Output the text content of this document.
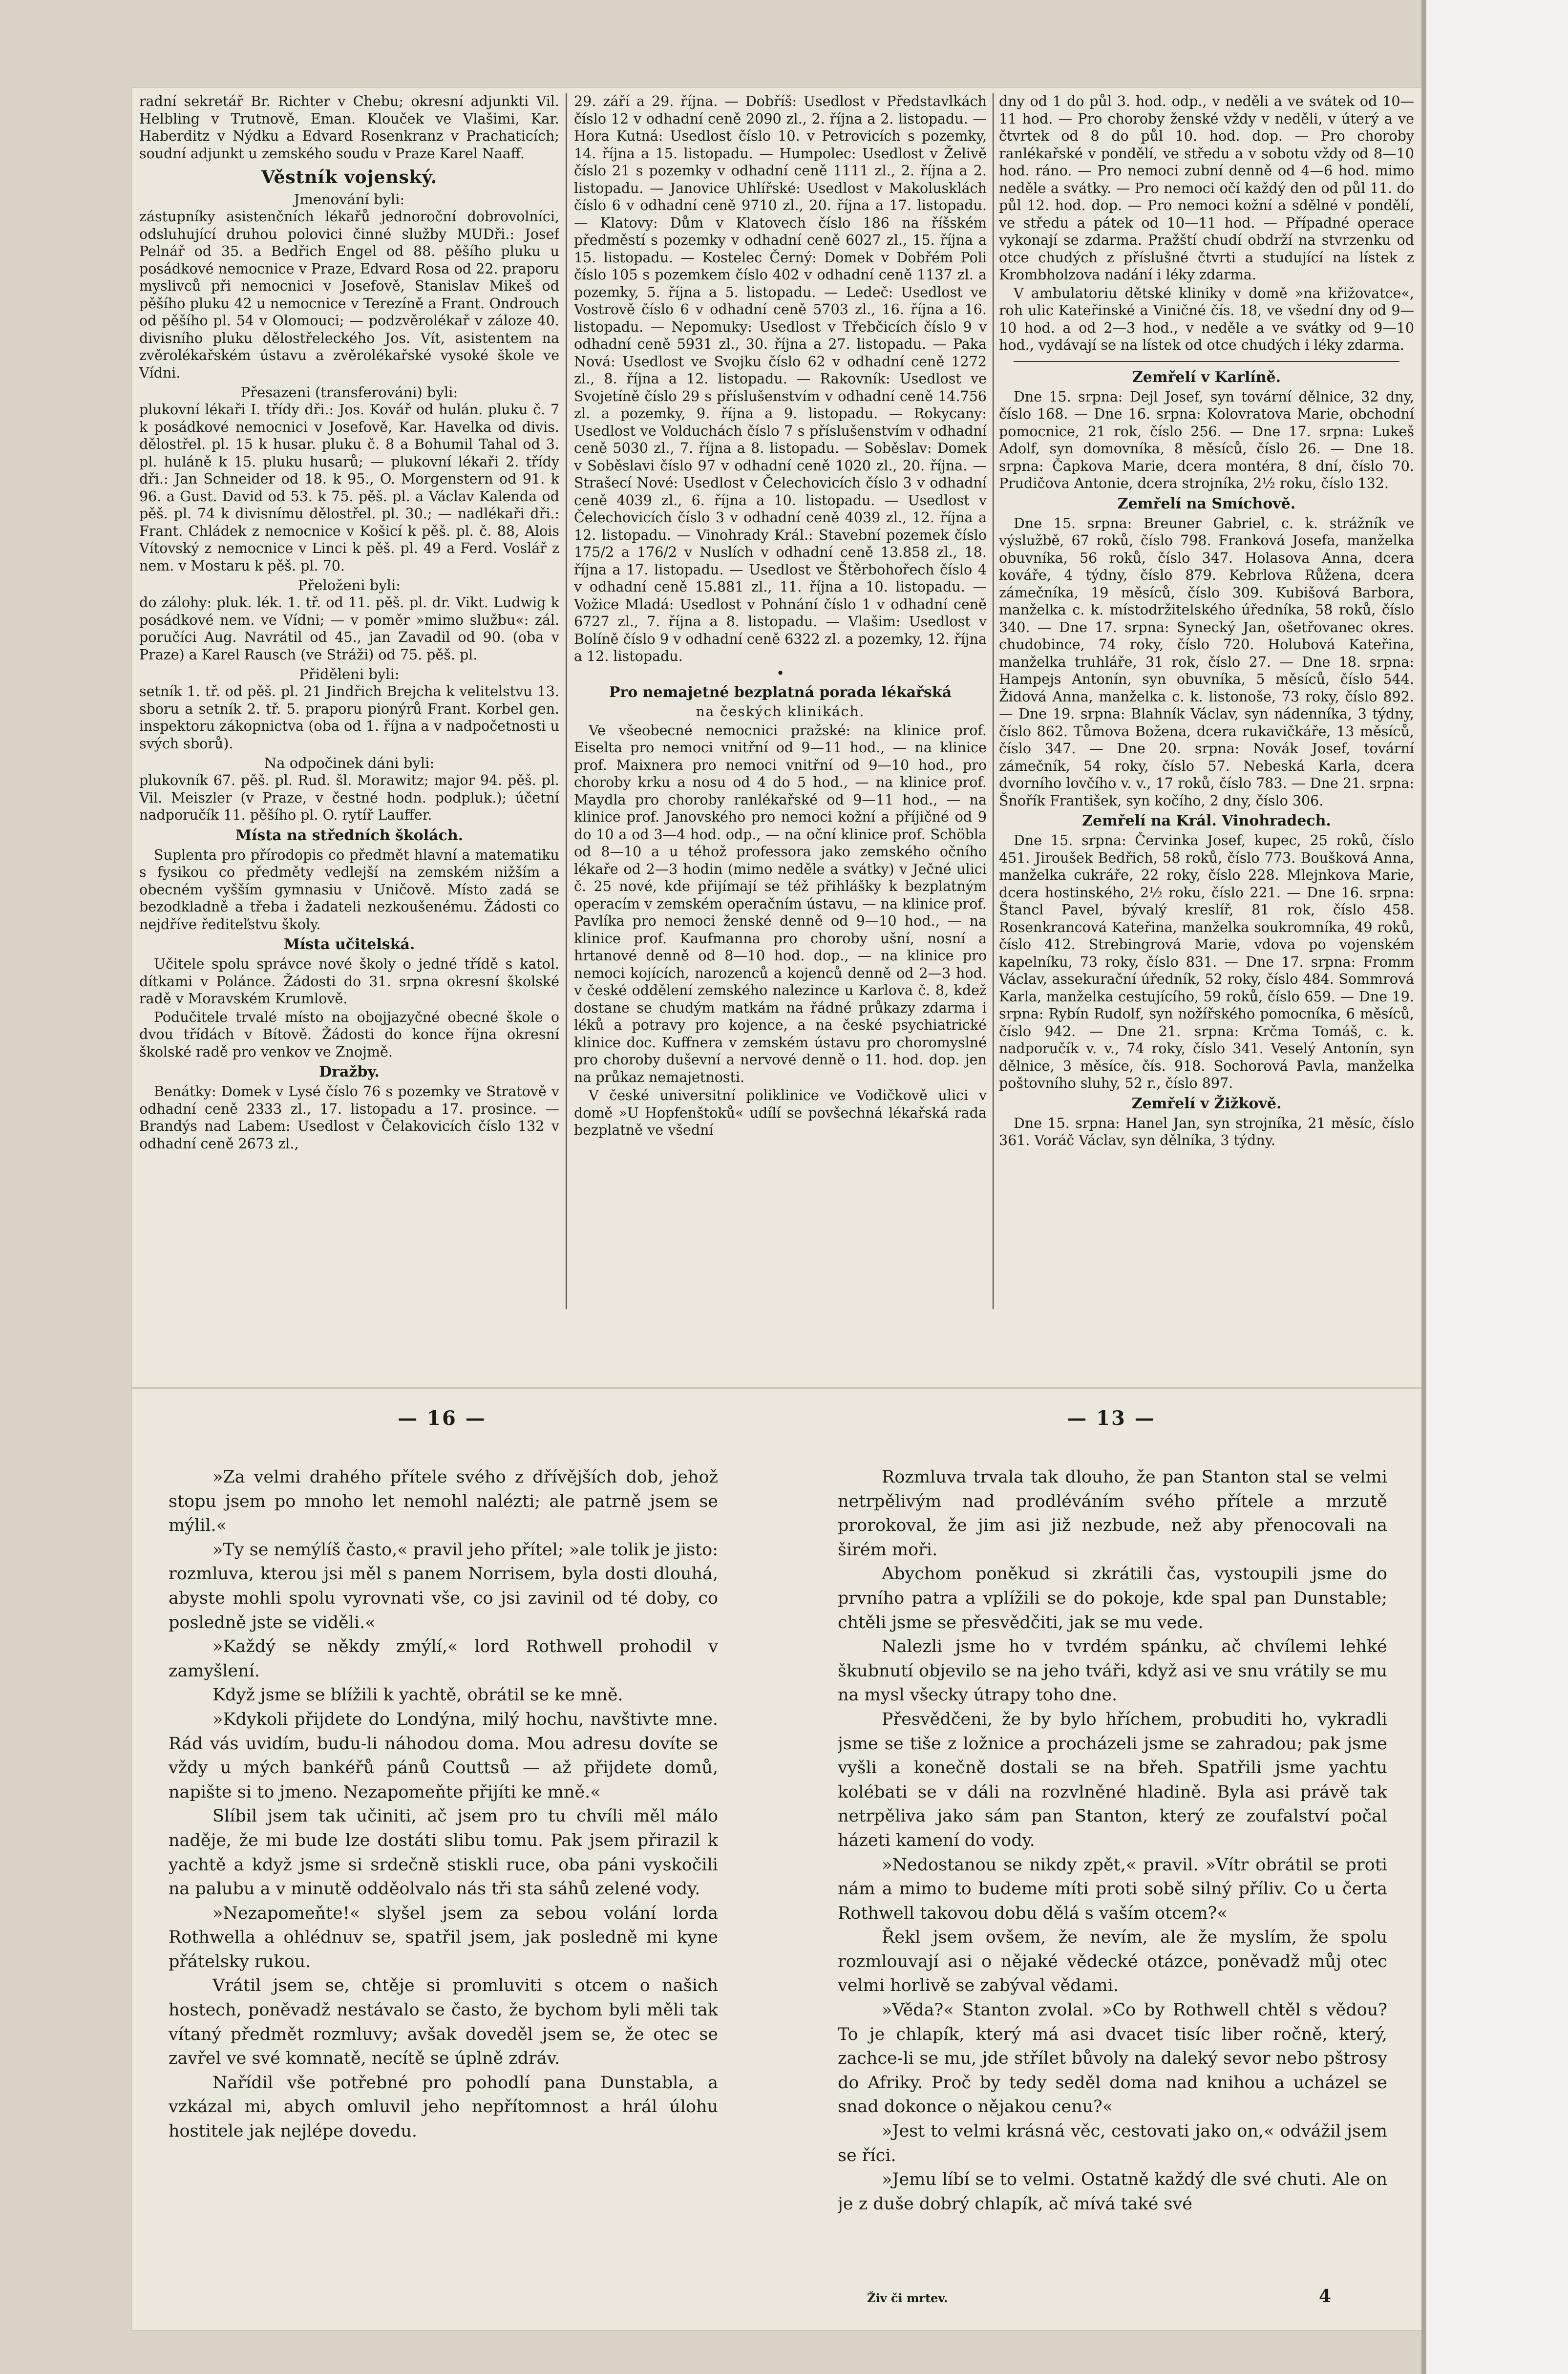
radní sekretář Br. Richter v Chebu; okresní adjunkti Vil. Helbling v Trutnově, Eman. Klouček ve Vlašimi, Kar. Haberditz v Nýdku a Edvard Rosenkranz v Prachaticích; soudní adjunkt u zemského soudu v Praze Karel Naaff.

Věstník vojenský.

Jmenování byli:

zástupníky asistenčních lékařů jednoroční dobrovolníci, odsluhující druhou polovici činné služby MUDři.: Josef Pelnář od 35. a Bedřich Engel od 88. pěšího pluku u posádkové nemocnice v Praze, Edvard Rosa od 22. praporu myslivců při nemocnici v Josefově, Stanislav Mikeš od pěšího pluku 42 u nemocnice v Terezíně a Frant. Ondrouch od pěšího pl. 54 v Olomouci; — podzvěrolékař v záloze 40. divisního pluku dělostřeleckého Jos. Vít, asistentem na zvěrolékařském ústavu a zvěrolékařské vysoké škole ve Vídni.

Přesazeni (transferováni) byli:

plukovní lékaři I. třídy dři.: Jos. Kovář od hulán. pluku č. 7 k posádkové nemocnici v Josefově, Kar. Havelka od divis. dělostřel. pl. 15 k husar. pluku č. 8 a Bohumil Tahal od 3. pl. huláně k 15. pluku husarů; — plukovní lékaři 2. třídy dři.: Jan Schneider od 18. k 95., O. Morgenstern od 91. k 96. a Gust. David od 53. k 75. pěš. pl. a Václav Kalenda od pěš. pl. 74 k divisnímu dělostřel. pl. 30.; — nadlékaři dři.: Frant. Chládek z nemocnice v Košicí k pěš. pl. č. 88, Alois Vítovský z nemocnice v Linci k pěš. pl. 49 a Ferd. Voslář z nem. v Mostaru k pěš. pl. 70.

Přeloženi byli:

do zálohy: pluk. lék. 1. tř. od 11. pěš. pl. dr. Vikt. Ludwig k posádkové nem. ve Vídni; — v poměr »mimo službu«: zál. poručíci Aug. Navrátil od 45., jan Zavadil od 90. (oba v Praze) a Karel Rausch (ve Stráži) od 75. pěš. pl.

Přiděleni byli:

setník 1. tř. od pěš. pl. 21 Jindřich Brejcha k velitelstvu 13. sboru a setník 2. tř. 5. praporu pionýrů Frant. Korbel gen. inspektoru zákopnictva (oba od 1. října a v nadpočetnosti u svých sborů).

Na odpočinek dáni byli:

plukovník 67. pěš. pl. Rud. šl. Morawitz; major 94. pěš. pl. Vil. Meiszler (v Praze, v čestné hodn. podpluk.); účetní nadporučík 11. pěšího pl. O. rytíř Lauffer.

Místa na středních školách.

Suplenta pro přírodopis co předmět hlavní a matematiku s fysikou co předměty vedlejší na zemském nižším a obecném vyšším gymnasiu v Uničově. Místo zadá se bezodkladně a třeba i žadateli nezkoušenému. Žádosti co nejdříve řediteľstvu školy.

Místa učitelská.

Učitele spolu správce nové školy o jedné třídě s katol. dítkami v Polánce. Žádosti do 31. srpna okresní školské radě v Moravském Krumlově.

Podučitele trvalé místo na obojjazyčné obecné škole o dvou třídách v Bítově. Žádosti do konce října okresní školské radě pro venkov ve Znojmě.

Dražby.

Benátky: Domek v Lysé číslo 76 s pozemky ve Stratově v odhadní ceně 2333 zl., 17. listopadu a 17. prosince. — Brandýs nad Labem: Usedlost v Čelakovicích číslo 132 v odhadní ceně 2673 zl.,

29. září a 29. října. — Dobříš: Usedlost v Představlkách číslo 12 v odhadní ceně 2090 zl., 2. října a 2. listopadu. — Hora Kutná: Usedlost číslo 10. v Petrovicích s pozemky, 14. října a 15. listopadu. — Humpolec: Usedlost v Želivě číslo 21 s pozemky v odhadní ceně 1111 zl., 2. října a 2. listopadu. — Janovice Uhlířské: Usedlost v Makolusklách číslo 6 v odhadní ceně 9710 zl., 20. října a 17. listopadu. — Klatovy: Dům v Klatovech číslo 186 na říšském předměstí s pozemky v odhadní ceně 6027 zl., 15. října a 15. listopadu. — Kostelec Černý: Domek v Dobřém Poli číslo 105 s pozemkem číslo 402 v odhadní ceně 1137 zl. a pozemky, 5. října a 5. listopadu. — Ledeč: Usedlost ve Vostrově číslo 6 v odhadní ceně 5703 zl., 16. října a 16. listopadu. — Nepomuky: Usedlost v Třebčicích číslo 9 v odhadní ceně 5931 zl., 30. října a 27. listopadu. — Paka Nová: Usedlost ve Svojku číslo 62 v odhadní ceně 1272 zl., 8. října a 12. listopadu. — Rakovník: Usedlost ve Svojetíně číslo 29 s příslušenstvím v odhadní ceně 14.756 zl. a pozemky, 9. října a 9. listopadu. — Rokycany: Usedlost ve Volduchách číslo 7 s příslušenstvím v odhadní ceně 5030 zl., 7. října a 8. listopadu. — Soběslav: Domek v Soběslavi číslo 97 v odhadní ceně 1020 zl., 20. října. — Strašecí Nové: Usedlost v Čelechovicích číslo 3 v odhadní ceně 4039 zl., 6. října a 10. listopadu. — Usedlost v Čelechovicích číslo 3 v odhadní ceně 4039 zl., 12. října a 12. listopadu. — Vinohrady Král.: Stavební pozemek číslo 175/2 a 176/2 v Nuslích v odhadní ceně 13.858 zl., 18. října a 17. listopadu. — Usedlost ve Štěrbohořech číslo 4 v odhadní ceně 15.881 zl., 11. října a 10. listopadu. — Vožice Mladá: Usedlost v Pohnání číslo 1 v odhadní ceně 6727 zl., 7. října a 8. listopadu. — Vlašim: Usedlost v Bolíně číslo 9 v odhadní ceně 6322 zl. a pozemky, 12. října a 12. listopadu.

•
Pro nemajetné bezplatná porada lékařská
na českých klinikách.

Ve všeobecné nemocnici pražské: na klinice prof. Eiselta pro nemoci vnitřní od 9—11 hod., — na klinice prof. Maixnera pro nemoci vnitřní od 9—10 hod., pro choroby krku a nosu od 4 do 5 hod., — na klinice prof. Maydla pro choroby ranlékařské od 9—11 hod., — na klinice prof. Janovského pro nemoci kožní a příjičné od 9 do 10 a od 3—4 hod. odp., — na oční klinice prof. Schöbla od 8—10 a u téhož professora jako zemského očního lékaře od 2—3 hodin (mimo neděle a svátky) v Ječné ulici č. 25 nové, kde přijímají se též přihlášky k bezplatným operacím v zemském operačním ústavu, — na klinice prof. Pavlíka pro nemoci ženské denně od 9—10 hod., — na klinice prof. Kaufmanna pro choroby ušní, nosní a hrtanové denně od 8—10 hod. dop., — na klinice pro nemoci kojících, narozenců a kojenců denně od 2—3 hod. v české oddělení zemského nalezince u Karlova č. 8, kdež dostane se chudým matkám na řádné průkazy zdarma i léků a potravy pro kojence, a na české psychiatrické klinice doc. Kuffnera v zemském ústavu pro choromyslné pro choroby duševní a nervové denně o 11. hod. dop. jen na průkaz nemajetnosti.

V české universitní poliklinice ve Vodičkově ulici v domě »U Hopfenštoků« udílí se povšechná lékařská rada bezplatně ve všední

dny od 1 do půl 3. hod. odp., v neděli a ve svátek od 10—11 hod. — Pro choroby ženské vždy v neděli, v úterý a ve čtvrtek od 8 do půl 10. hod. dop. — Pro choroby ranlékařské v pondělí, ve středu a v sobotu vždy od 8—10 hod. ráno. — Pro nemoci zubní denně od 4—6 hod. mimo neděle a svátky. — Pro nemoci očí každý den od půl 11. do půl 12. hod. dop. — Pro nemoci kožní a sdělné v pondělí, ve středu a pátek od 10—11 hod. — Případné operace vykonají se zdarma. Pražští chudí obdrží na stvrzenku od otce chudých z příslušné čtvrti a studující na lístek z Krombholzova nadání i léky zdarma.

V ambulatoriu dětské kliniky v domě »na křižovatce«, roh ulic Kateřinské a Viničné čís. 18, ve všední dny od 9—10 hod. a od 2—3 hod., v neděle a ve svátky od 9—10 hod., vydávají se na lístek od otce chudých i léky zdarma.

Zemřelí v Karlíně.

Dne 15. srpna: Dejl Josef, syn tovární dělnice, 32 dny, číslo 168. — Dne 16. srpna: Kolovratova Marie, obchodní pomocnice, 21 rok, číslo 256. — Dne 17. srpna: Lukeš Adolf, syn domovníka, 8 měsíců, číslo 26. — Dne 18. srpna: Čapkova Marie, dcera montéra, 8 dní, číslo 70. Prudičova Antonie, dcera strojníka, 2½ roku, číslo 132.

Zemřelí na Smíchově.

Dne 15. srpna: Breuner Gabriel, c. k. strážník ve výslužbě, 67 roků, číslo 798. Franková Josefa, manželka obuvníka, 56 roků, číslo 347. Holasova Anna, dcera kováře, 4 týdny, číslo 879. Kebrlova Růžena, dcera zámečníka, 19 měsíců, číslo 309. Kubišová Barbora, manželka c. k. místodržitelského úředníka, 58 roků, číslo 340. — Dne 17. srpna: Synecký Jan, ošetřovanec okres. chudobince, 74 roky, číslo 720. Holubová Kateřina, manželka truhláře, 31 rok, číslo 27. — Dne 18. srpna: Hampejs Antonín, syn obuvníka, 5 měsíců, číslo 544. Židová Anna, manželka c. k. listonoše, 73 roky, číslo 892. — Dne 19. srpna: Blahník Václav, syn nádenníka, 3 týdny, číslo 862. Tůmova Božena, dcera rukavičkáře, 13 měsíců, číslo 347. — Dne 20. srpna: Novák Josef, tovární zámečník, 54 roky, číslo 57. Nebeská Karla, dcera dvorního lovčího v. v., 17 roků, číslo 783. — Dne 21. srpna: Šnořík František, syn kočího, 2 dny, číslo 306.

Zemřelí na Král. Vinohradech.

Dne 15. srpna: Červinka Josef, kupec, 25 roků, číslo 451. Jiroušek Bedřich, 58 roků, číslo 773. Boušková Anna, manželka cukráře, 22 roky, číslo 228. Mlejnkova Marie, dcera hostinského, 2½ roku, číslo 221. — Dne 16. srpna: Štancl Pavel, bývalý kreslíř, 81 rok, číslo 458. Rosenkrancová Kateřina, manželka soukromníka, 49 roků, číslo 412. Strebingrová Marie, vdova po vojenském kapelníku, 73 roky, číslo 831. — Dne 17. srpna: Fromm Václav, assekurační úředník, 52 roky, číslo 484. Sommrová Karla, manželka cestujícího, 59 roků, číslo 659. — Dne 19. srpna: Rybín Rudolf, syn nožířského pomocníka, 6 měsíců, číslo 942. — Dne 21. srpna: Krčma Tomáš, c. k. nadporučík v. v., 74 roky, číslo 341. Veselý Antonín, syn dělnice, 3 měsíce, čís. 918. Sochorová Pavla, manželka poštovního sluhy, 52 r., číslo 897.

Zemřelí v Žižkově.

Dne 15. srpna: Hanel Jan, syn strojníka, 21 měsíc, číslo 361. Voráč Václav, syn dělníka, 3 týdny.

— 16 —

»Za velmi drahého přítele svého z dřívějších dob, jehož stopu jsem po mnoho let nemohl nalézti; ale patrně jsem se mýlil.«

»Ty se nemýlíš často,« pravil jeho přítel; »ale tolik je jisto: rozmluva, kterou jsi měl s panem Norrisem, byla dosti dlouhá, abyste mohli spolu vyrovnati vše, co jsi zavinil od té doby, co posledně jste se viděli.«

»Každý se někdy zmýlí,« lord Rothwell prohodil v zamyšlení.

Když jsme se blížili k yachtě, obrátil se ke mně.

»Kdykoli přijdete do Londýna, milý hochu, navštivte mne. Rád vás uvidím, budu-li náhodou doma. Mou adresu dovíte se vždy u mých bankéřů pánů Couttsů — až přijdete domů, napište si to jmeno. Nezapomeňte přijíti ke mně.«

Slíbil jsem tak učiniti, ač jsem pro tu chvíli měl málo naděje, že mi bude lze dostáti slibu tomu. Pak jsem přirazil k yachtě a když jsme si srdečně stiskli ruce, oba páni vyskočili na palubu a v minutě odděolvalo nás tři sta sáhů zelené vody.

»Nezapomeňte!« slyšel jsem za sebou volání lorda Rothwella a ohlédnuv se, spatřil jsem, jak posledně mi kyne přátelsky rukou.

Vrátil jsem se, chtěje si promluviti s otcem o našich hostech, poněvadž nestávalo se často, že bychom byli měli tak vítaný předmět rozmluvy; avšak doveděl jsem se, že otec se zavřel ve své komnatě, necítě se úplně zdráv.

Nařídil vše potřebné pro pohodlí pana Dunstabla, a vzkázal mi, abych omluvil jeho nepřítomnost a hrál úlohu hostitele jak nejlépe dovedu.

— 13 —

Rozmluva trvala tak dlouho, že pan Stanton stal se velmi netrpělivým nad prodléváním svého přítele a mrzutě prorokoval, že jim asi již nezbude, než aby přenocovali na širém moři.

Abychom poněkud si zkrátili čas, vystoupili jsme do prvního patra a vplížili se do pokoje, kde spal pan Dunstable; chtěli jsme se přesvědčiti, jak se mu vede.

Nalezli jsme ho v tvrdém spánku, ač chvílemi lehké škubnutí objevilo se na jeho tváři, když asi ve snu vrátily se mu na mysl všecky útrapy toho dne.

Přesvědčeni, že by bylo hříchem, probuditi ho, vykradli jsme se tiše z ložnice a procházeli jsme se zahradou; pak jsme vyšli a konečně dostali se na břeh. Spatřili jsme yachtu kolébati se v dáli na rozvlněné hladině. Byla asi právě tak netrpěliva jako sám pan Stanton, který ze zoufalství počal házeti kamení do vody.

»Nedostanou se nikdy zpět,« pravil. »Vítr obrátil se proti nám a mimo to budeme míti proti sobě silný příliv. Co u čerta Rothwell takovou dobu dělá s vaším otcem?«

Řekl jsem ovšem, že nevím, ale že myslím, že spolu rozmlouvají asi o nějaké vědecké otázce, poněvadž můj otec velmi horlivě se zabýval vědami.

»Věda?« Stanton zvolal. »Co by Rothwell chtěl s vědou? To je chlapík, který má asi dvacet tisíc liber ročně, který, zachce-li se mu, jde střílet bůvoly na daleký sevor nebo pštrosy do Afriky. Proč by tedy seděl doma nad knihou a ucházel se snad dokonce o nějakou cenu?«

»Jest to velmi krásná věc, cestovati jako on,« odvážil jsem se říci.

»Jemu líbí se to velmi. Ostatně každý dle své chuti. Ale on je z duše dobrý chlapík, ač mívá také své

Živ či mrtev.	4
